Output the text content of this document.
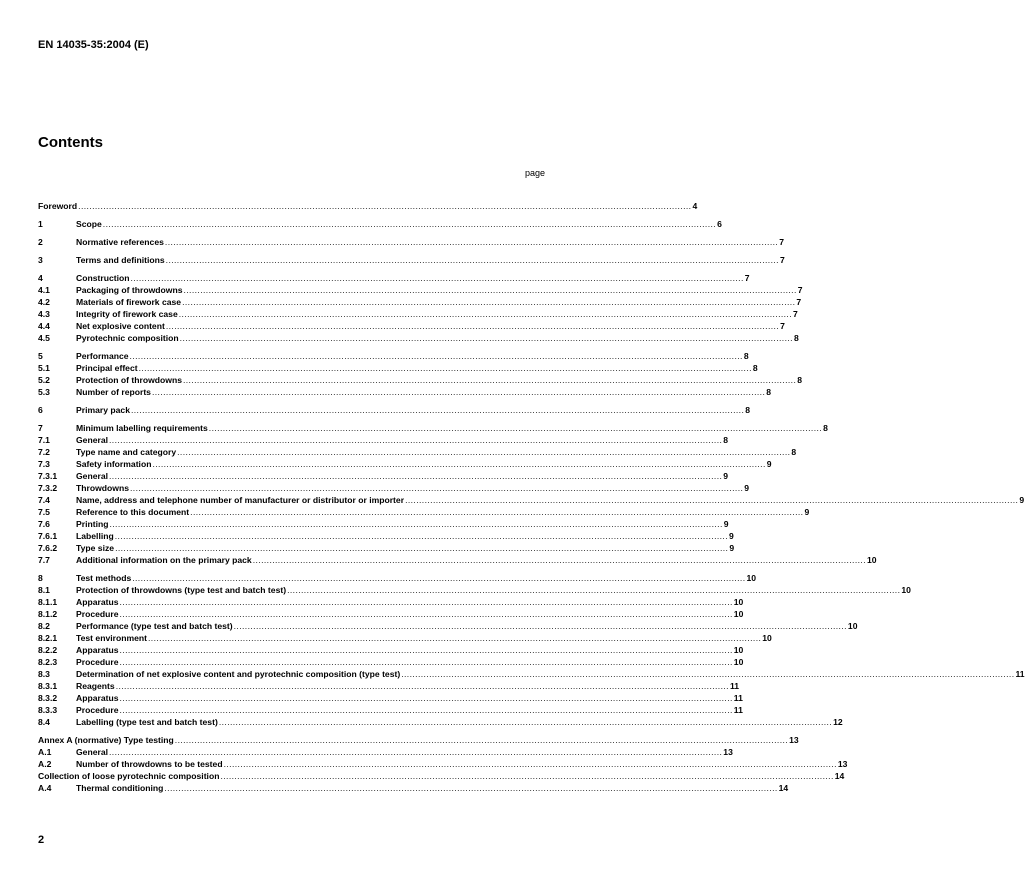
EN 14035-35:2004 (E)
Contents
page
Foreword ............................................................................................................................................................................................................................ 4
1	Scope ............................................................................................................................................................................................................................ 6
2	Normative references ............................................................................................................................................................................................................................ 7
3	Terms and definitions ............................................................................................................................................................................................................................ 7
4	Construction ............................................................................................................................................................................................................................ 7
4.1	Packaging of throwdowns ............................................................................................................................................................................................................................ 7
4.2	Materials of firework case ............................................................................................................................................................................................................................ 7
4.3	Integrity of firework case ............................................................................................................................................................................................................................ 7
4.4	Net explosive content ............................................................................................................................................................................................................................ 7
4.5	Pyrotechnic composition ............................................................................................................................................................................................................................ 8
5	Performance ............................................................................................................................................................................................................................ 8
5.1	Principal effect ............................................................................................................................................................................................................................ 8
5.2	Protection of throwdowns ............................................................................................................................................................................................................................ 8
5.3	Number of reports ............................................................................................................................................................................................................................ 8
6	Primary pack ............................................................................................................................................................................................................................ 8
7	Minimum labelling requirements ............................................................................................................................................................................................................................ 8
7.1	General ............................................................................................................................................................................................................................ 8
7.2	Type name and category ............................................................................................................................................................................................................................ 8
7.3	Safety information ............................................................................................................................................................................................................................ 9
7.3.1	General ............................................................................................................................................................................................................................ 9
7.3.2	Throwdowns ............................................................................................................................................................................................................................ 9
7.4	Name, address and telephone number of manufacturer or distributor or importer ............................................................................................................................................................................................................................ 9
7.5	Reference to this document ............................................................................................................................................................................................................................ 9
7.6	Printing ............................................................................................................................................................................................................................ 9
7.6.1	Labelling ............................................................................................................................................................................................................................ 9
7.6.2	Type size ............................................................................................................................................................................................................................ 9
7.7	Additional information on the primary pack ............................................................................................................................................................................................................................ 10
8	Test methods ............................................................................................................................................................................................................................ 10
8.1	Protection of throwdowns (type test and batch test) ............................................................................................................................................................................................................................ 10
8.1.1	Apparatus ............................................................................................................................................................................................................................ 10
8.1.2	Procedure ............................................................................................................................................................................................................................ 10
8.2	Performance (type test and batch test) ............................................................................................................................................................................................................................ 10
8.2.1	Test environment ............................................................................................................................................................................................................................ 10
8.2.2	Apparatus ............................................................................................................................................................................................................................ 10
8.2.3	Procedure ............................................................................................................................................................................................................................ 10
8.3	Determination of net explosive content and pyrotechnic composition (type test) ............................................................................................................................................................................................................................ 11
8.3.1	Reagents ............................................................................................................................................................................................................................ 11
8.3.2	Apparatus ............................................................................................................................................................................................................................ 11
8.3.3	Procedure ............................................................................................................................................................................................................................ 11
8.4	Labelling (type test and batch test) ............................................................................................................................................................................................................................ 12
Annex A (normative) Type testing ............................................................................................................................................................................................................................ 13
A.1	General ............................................................................................................................................................................................................................ 13
A.2	Number of throwdowns to be tested ............................................................................................................................................................................................................................ 13
Collection of loose pyrotechnic composition ............................................................................................................................................................................................................................ 14
A.4	Thermal conditioning ............................................................................................................................................................................................................................ 14
2
